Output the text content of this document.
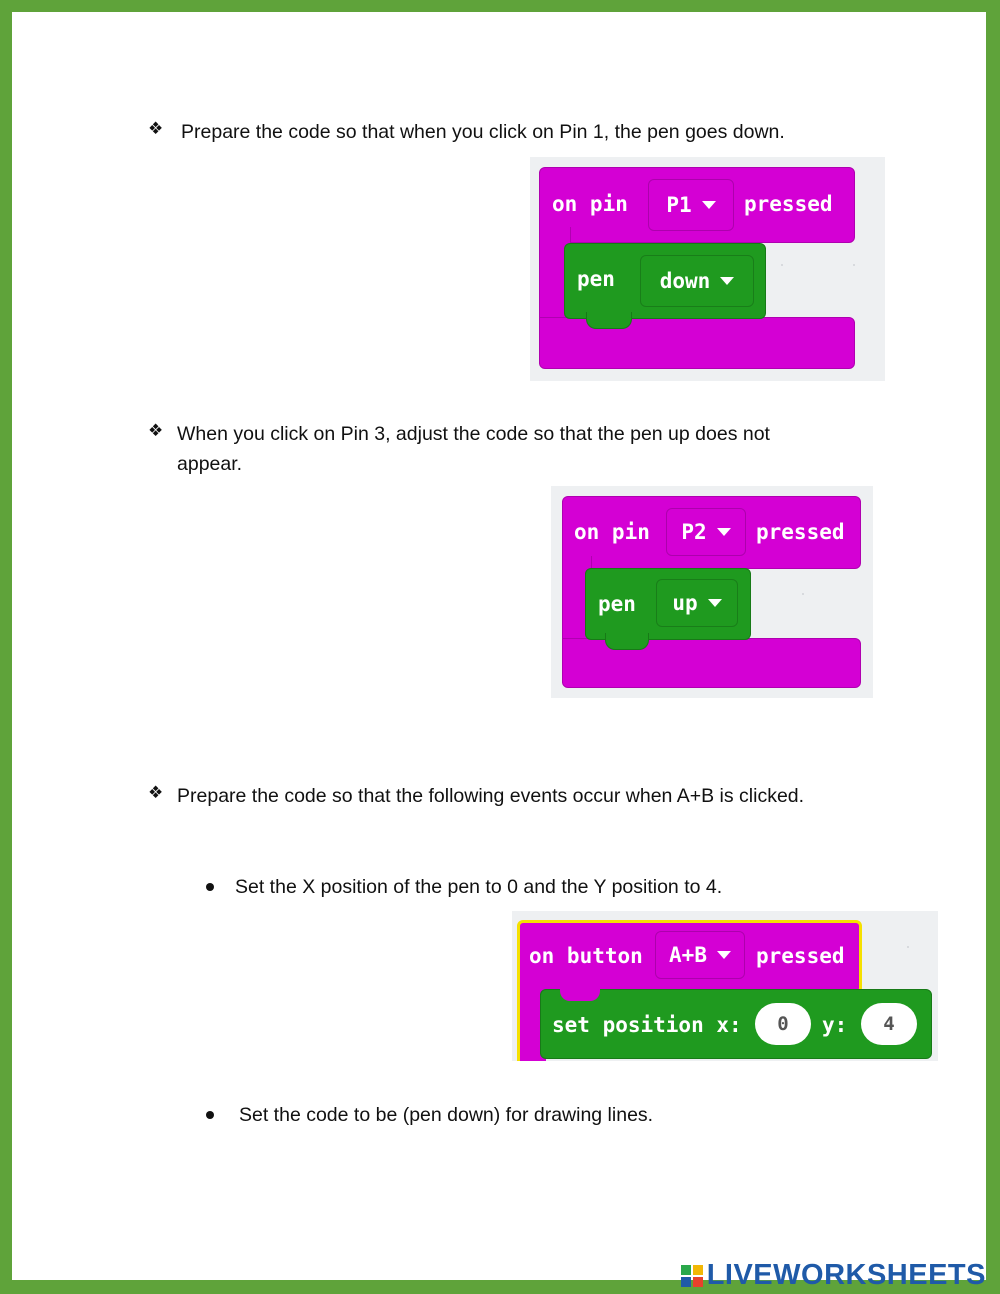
❖ Prepare the code so that when you click on Pin 1, the pen goes down.
on pin P1 pressed
pen down
❖ When you click on Pin 3, adjust the code so that the pen up does not
appear.
on pin P2 pressed
pen up
❖ Prepare the code so that the following events occur when A+B is clicked.
Set the X position of the pen to 0 and the Y position to 4.
on button A+B pressed
set position x:	0	y:	4
Set the code to be (pen down) for drawing lines.
LIVEWORKSHEETS
